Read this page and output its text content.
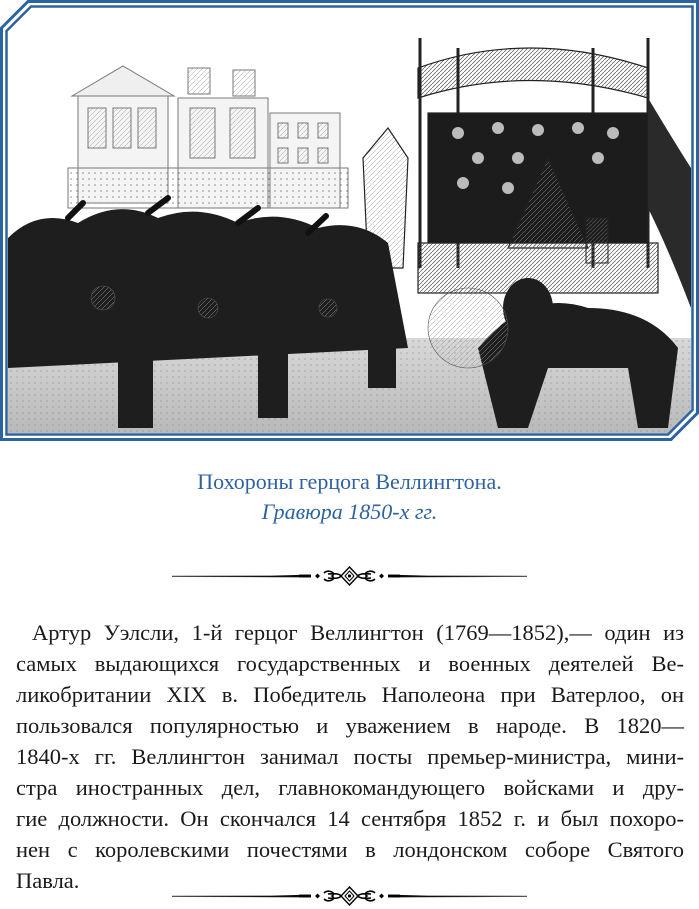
Похороны герцога Веллингтона.
Гравюра 1850-х гг.
Артур Уэлсли, 1-й герцог Веллингтон (1769—1852),— один из
самых выдающихся государственных и военных деятелей Ве-
ликобритании XIX в. Победитель Наполеона при Ватерлоо, он
пользовался популярностью и уважением в народе. В 1820—
1840-х гг. Веллингтон занимал посты премьер-министра, мини-
стра иностранных дел, главнокомандующего войсками и дру-
гие должности. Он скончался 14 сентября 1852 г. и был похоро-
нен с королевскими почестями в лондонском соборе Святого
Павла.
